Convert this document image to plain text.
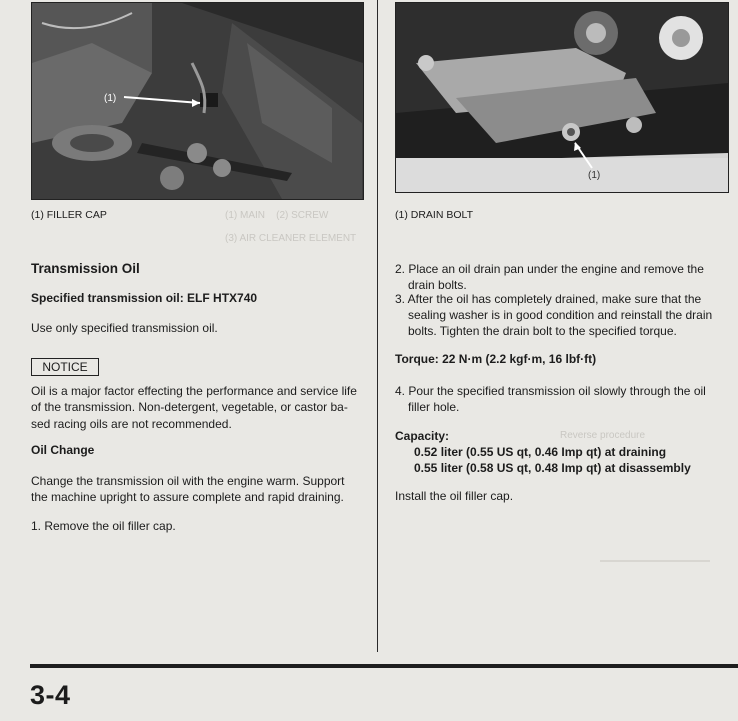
(1)
(1)
(1) MAIN    (2) SCREW
(3) AIR CLEANER ELEMENT
Reverse procedure
(1) FILLER CAP	(1) DRAIN BOLT
Transmission Oil
Specified transmission oil: ELF HTX740
Use only specified transmission oil.
NOTICE
Oil is a major factor effecting the performance and service life
of the transmission. Non-detergent, vegetable, or castor ba-
sed racing oils are not recommended.
Oil Change
Change the transmission oil with the engine warm. Support
the machine upright to assure complete and rapid draining.
1. Remove the oil filler cap.
2. Place an oil drain pan under the engine and remove the
drain bolts.
3. After the oil has completely drained, make sure that the
sealing washer is in good condition and reinstall the drain
bolts. Tighten the drain bolt to the specified torque.
Torque: 22 N·m (2.2 kgf·m, 16 lbf·ft)
4. Pour the specified transmission oil slowly through the oil
filler hole.
Capacity:
0.52 liter (0.55 US qt, 0.46 Imp qt) at draining
0.55 liter (0.58 US qt, 0.48 Imp qt) at disassembly
Install the oil filler cap.
3-4
